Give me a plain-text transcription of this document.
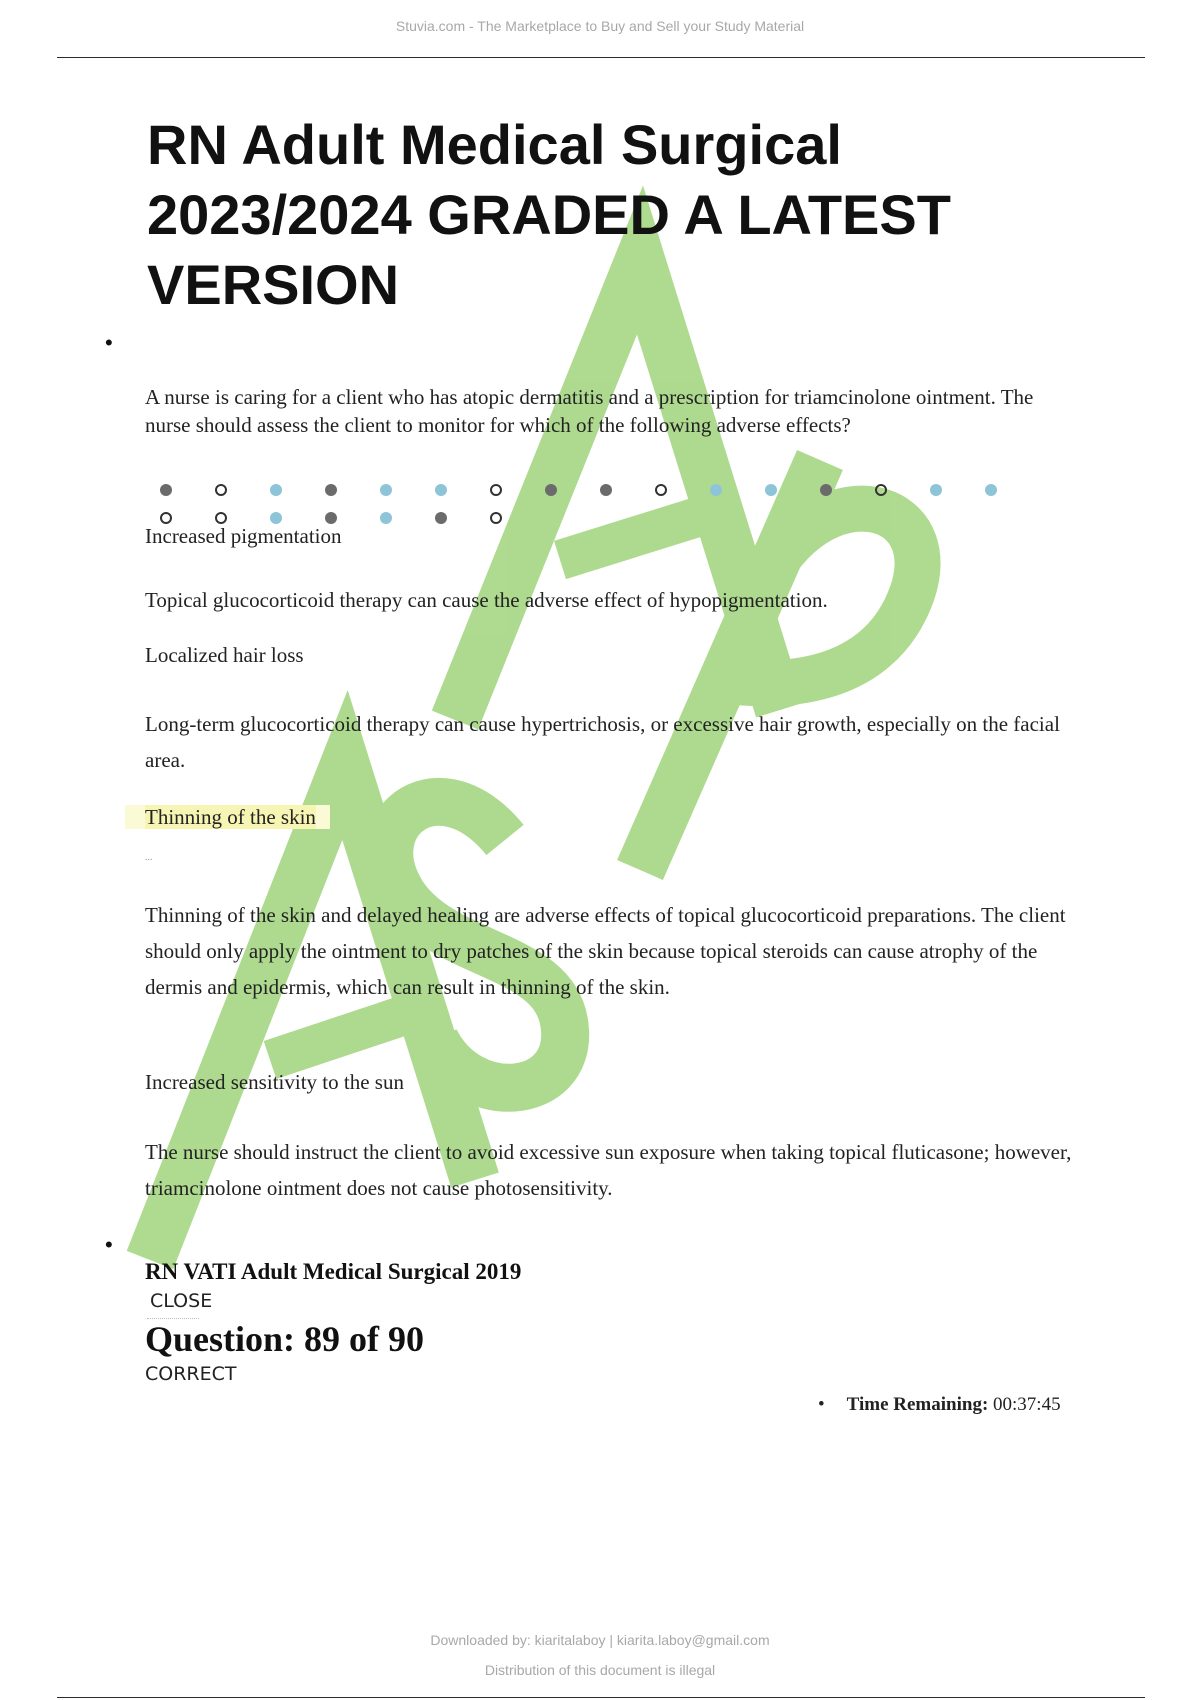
Stuvia.com - The Marketplace to Buy and Sell your Study Material
RN Adult Medical Surgical 2023/2024 GRADED A LATEST VERSION
•

A nurse is caring for a client who has atopic dermatitis and a prescription for triamcinolone ointment. The nurse should assess the client to monitor for which of the following adverse effects?

Increased pigmentation

Topical glucocorticoid therapy can cause the adverse effect of hypopigmentation.

Localized hair loss

Long-term glucocorticoid therapy can cause hypertrichosis, or excessive hair growth, especially on the facial area.

Thinning of the skin

...

Thinning of the skin and delayed healing are adverse effects of topical glucocorticoid preparations. The client should only apply the ointment to dry patches of the skin because topical steroids can cause atrophy of the dermis and epidermis, which can result in thinning of the skin.

Increased sensitivity to the sun

The nurse should instruct the client to avoid excessive sun exposure when taking topical fluticasone; however, triamcinolone ointment does not cause photosensitivity.

•

RN VATI Adult Medical Surgical 2019

CLOSE

Question: 89 of 90

CORRECT
• Time Remaining: 00:37:45
Downloaded by: kiaritalaboy | kiarita.laboy@gmail.com
Distribution of this document is illegal
